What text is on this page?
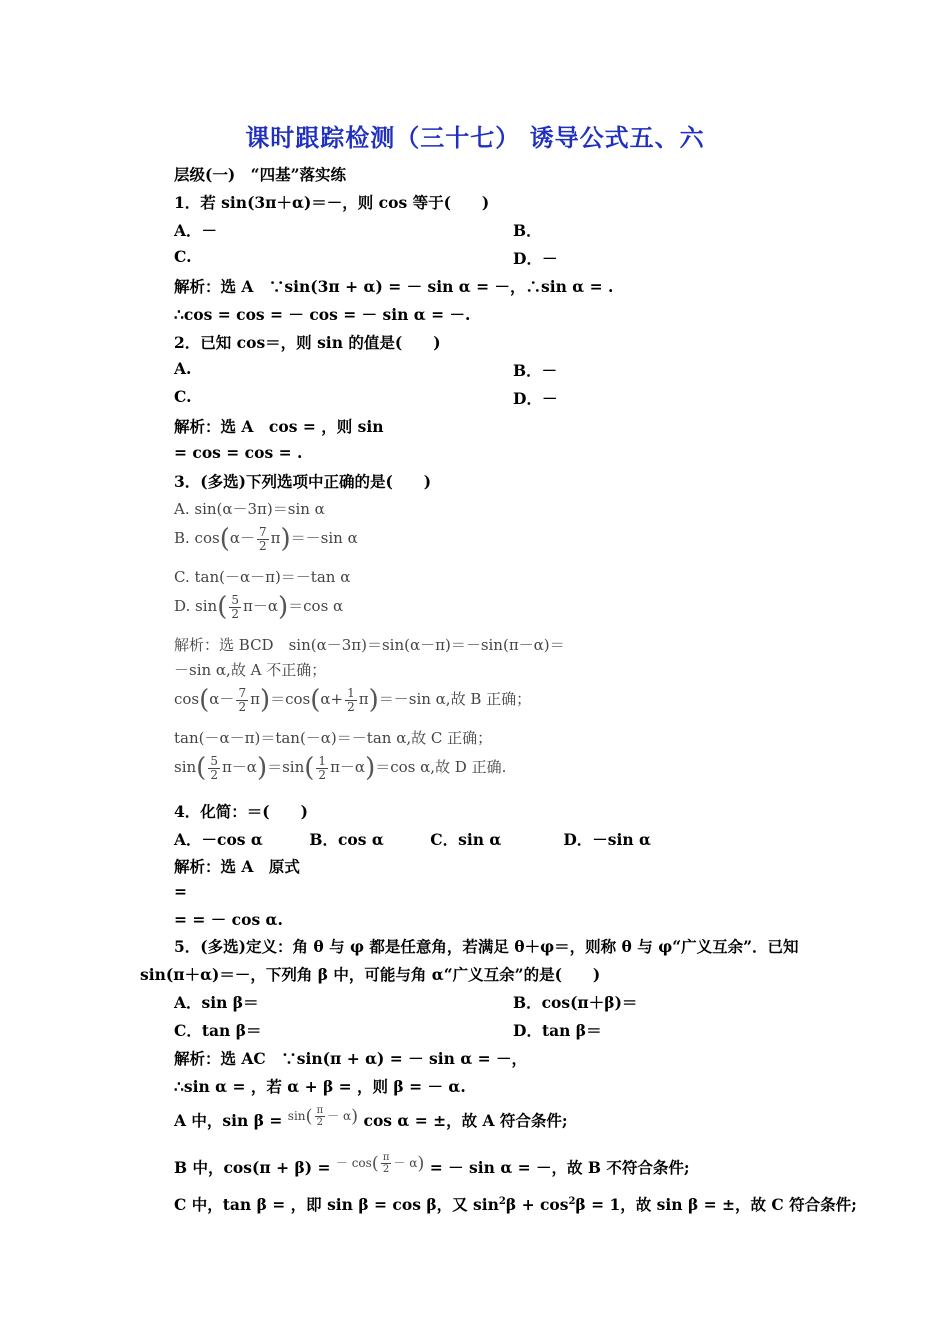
课时跟踪检测（三十七） 诱导公式五、六
层级(一)　“四基”落实练
1．若 sin(3π＋α)＝－，则 cos 等于(　　)
A．－	B．
C.	D．－
解析：选 A　∵sin(3π + α) = － sin α = －，∴sin α = .
∴cos = cos = － cos = － sin α = －.
2．已知 cos＝，则 sin 的值是(　　)
A.	B．－
C.	D．－
解析：选 A　cos = ，则 sin
= cos = cos = .
3．(多选)下列选项中正确的是(　　)
A. sin(α－3π)＝sin α
B. $\cos(\alpha- \frac{7}{2} \pi)=-\sin$ α
C. tan(－α－π)＝－tan α
D. $\sin( \frac{5}{2} \pi-\alpha)=\cos$ α
解析：选 BCD　sin(α－3π)＝sin(α－π)＝－sin(π－α)＝
－sin α,故 A 不正确；
$\cos(\alpha- \frac{7}{2} \pi)=\cos(\alpha+ \frac{1}{2} \pi)=-\sin$ α,故 B 正确；
tan(－α－π)＝tan(－α)＝－tan α,故 C 正确；
$\sin( \frac{5}{2} \pi-\alpha)=\sin( \frac{1}{2} \pi-\alpha)=\cos$ α,故 D 正确.
4．化简：＝(　　)
A．－cos α　　　B．cos α　　　C．sin α　　　　D．－sin α
解析：选 A　原式
=
= = － cos α.
5．(多选)定义：角 θ 与 φ 都是任意角，若满足 θ＋φ＝，则称 θ 与 φ“广义互余”．已知
sin(π＋α)＝－，下列角 β 中，可能与角 α“广义互余”的是(　　)
A．sin β＝	B．cos(π＋β)＝
C．tan β＝	D．tan β＝
解析：选 AC　∵sin(π + α) = － sin α = －，
∴sin α = ，若 α + β = ，则 β = － α.
A 中，sin β = $^{sin( \frac{\pi}{2} - \alpha)}$ cos α = ±，故 A 符合条件;
B 中，cos(π + β) = $^{- cos( \frac{\pi}{2} - \alpha)}$ = － sin α = －，故 B 不符合条件;
C 中，tan β = ，即 sin β = cos β，又 $\sin^2\beta + \cos^2\beta = 1$，故 sin β = ±，故 C 符合条件;
